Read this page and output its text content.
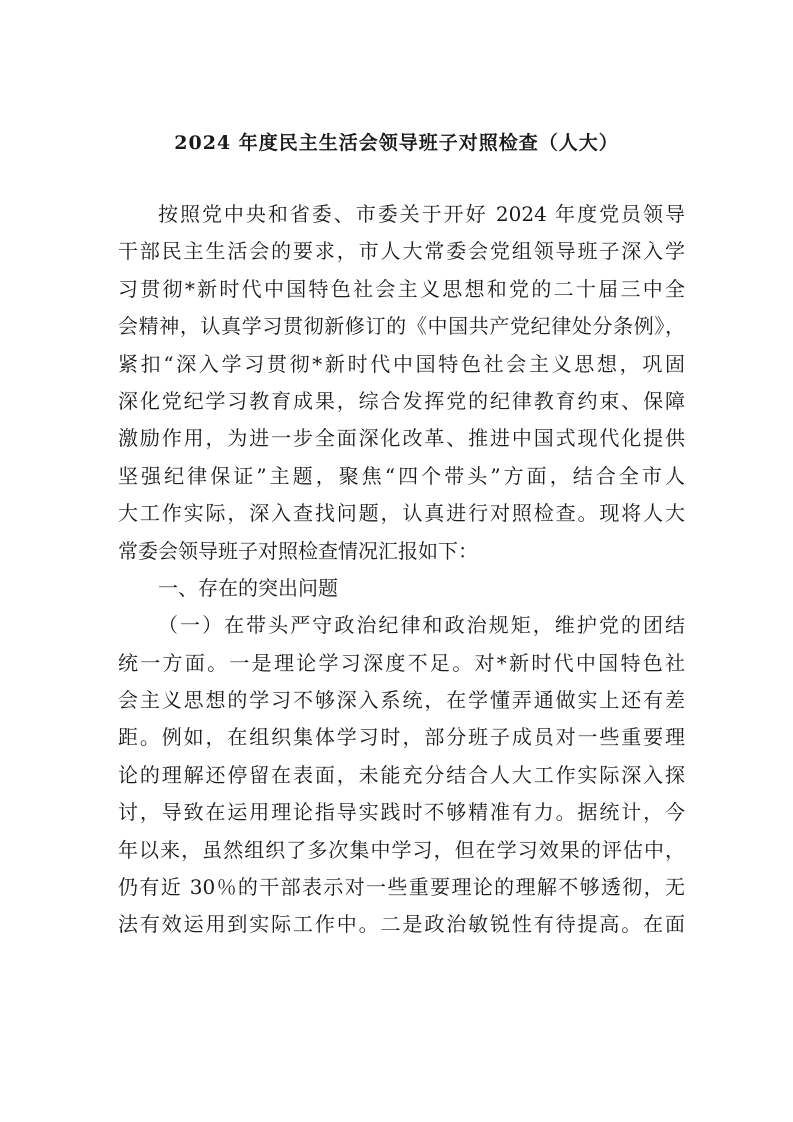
2024 年度民主生活会领导班子对照检查（人大）
按照党中央和省委、市委关于开好 2024 年度党员领导
干部民主生活会的要求，市人大常委会党组领导班子深入学
习贯彻*新时代中国特色社会主义思想和党的二十届三中全
会精神，认真学习贯彻新修订的《中国共产党纪律处分条例》，
紧扣“深入学习贯彻*新时代中国特色社会主义思想，巩固
深化党纪学习教育成果，综合发挥党的纪律教育约束、保障
激励作用，为进一步全面深化改革、推进中国式现代化提供
坚强纪律保证”主题，聚焦“四个带头”方面，结合全市人
大工作实际，深入查找问题，认真进行对照检查。现将人大
常委会领导班子对照检查情况汇报如下：
一、存在的突出问题
（一）在带头严守政治纪律和政治规矩，维护党的团结
统一方面。一是理论学习深度不足。对*新时代中国特色社
会主义思想的学习不够深入系统，在学懂弄通做实上还有差
距。例如，在组织集体学习时，部分班子成员对一些重要理
论的理解还停留在表面，未能充分结合人大工作实际深入探
讨，导致在运用理论指导实践时不够精准有力。据统计，今
年以来，虽然组织了多次集中学习，但在学习效果的评估中，
仍有近 30％的干部表示对一些重要理论的理解不够透彻，无
法有效运用到实际工作中。二是政治敏锐性有待提高。在面
